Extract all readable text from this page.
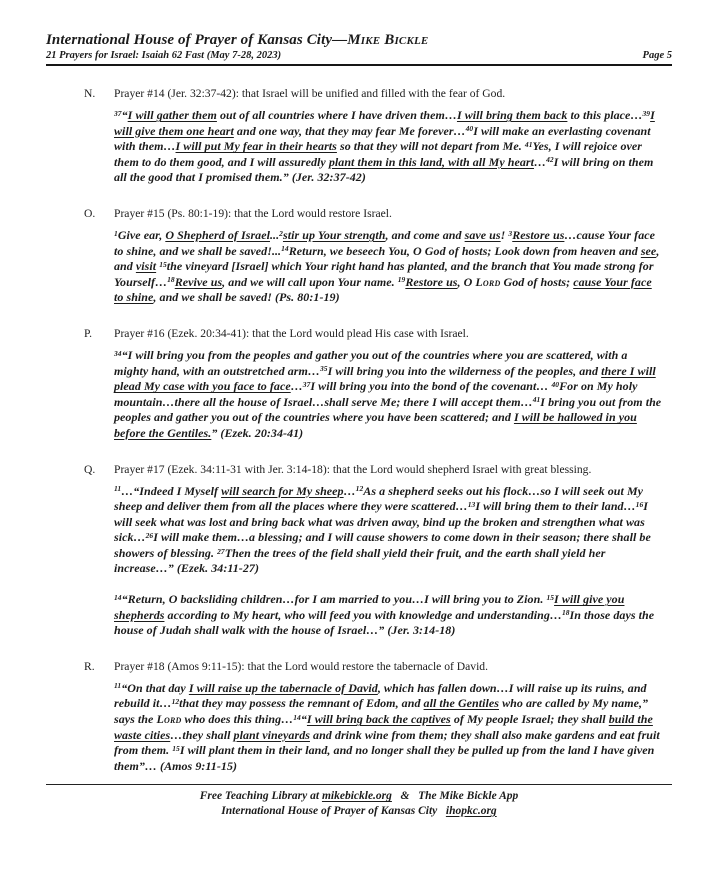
International House of Prayer of Kansas City—Mike Bickle
21 Prayers for Israel: Isaiah 62 Fast (May 7-28, 2023)	Page 5
N.	Prayer #14 (Jer. 32:37-42): that Israel will be unified and filled with the fear of God.

$^{37}$“I will gather them out of all countries where I have driven them…I will bring them back to this place…$^{39}$I will give them one heart and one way, that they may fear Me forever…$^{40}$I will make an everlasting covenant with them…I will put My fear in their hearts so that they will not depart from Me. $^{41}$Yes, I will rejoice over them to do them good, and I will assuredly plant them in this land, with all My heart…$^{42}$I will bring on them all the good that I promised them.” (Jer. 32:37-42)

O.	Prayer #15 (Ps. 80:1-19): that the Lord would restore Israel.

$^1$Give ear, O Shepherd of Israel...$^2$stir up Your strength, and come and save us! $^3$Restore us…cause Your face to shine, and we shall be saved!...$^{14}$Return, we beseech You, O God of hosts; Look down from heaven and see, and visit $^{15}$the vineyard [Israel] which Your right hand has planted, and the branch that You made strong for Yourself…$^{18}$Revive us, and we will call upon Your name. $^{19}$Restore us, O Lord God of hosts; cause Your face to shine, and we shall be saved! (Ps. 80:1-19)

P.	Prayer #16 (Ezek. 20:34-41): that the Lord would plead His case with Israel.

$^{34}$“I will bring you from the peoples and gather you out of the countries where you are scattered, with a mighty hand, with an outstretched arm…$^{35}$I will bring you into the wilderness of the peoples, and there I will plead My case with you face to face…$^{37}$I will bring you into the bond of the covenant… $^{40}$For on My holy mountain…there all the house of Israel…shall serve Me; there I will accept them…$^{41}$I bring you out from the peoples and gather you out of the countries where you have been scattered; and I will be hallowed in you before the Gentiles.” (Ezek. 20:34-41)

Q.	Prayer #17 (Ezek. 34:11-31 with Jer. 3:14-18): that the Lord would shepherd Israel with great blessing.

$^{11}$…“Indeed I Myself will search for My sheep…$^{12}$As a shepherd seeks out his flock…so I will seek out My sheep and deliver them from all the places where they were scattered…$^{13}$I will bring them to their land…$^{16}$I will seek what was lost and bring back what was driven away, bind up the broken and strengthen what was sick…$^{26}$I will make them…a blessing; and I will cause showers to come down in their season; there shall be showers of blessing. $^{27}$Then the trees of the field shall yield their fruit, and the earth shall yield her increase…” (Ezek. 34:11-27)

$^{14}$“Return, O backsliding children…for I am married to you…I will bring you to Zion. $^{15}$I will give you shepherds according to My heart, who will feed you with knowledge and understanding…$^{18}$In those days the house of Judah shall walk with the house of Israel…” (Jer. 3:14-18)

R.	Prayer #18 (Amos 9:11-15): that the Lord would restore the tabernacle of David.

$^{11}$“On that day I will raise up the tabernacle of David, which has fallen down…I will raise up its ruins, and rebuild it…$^{12}$that they may possess the remnant of Edom, and all the Gentiles who are called by My name,” says the Lord who does this thing…$^{14}$“I will bring back the captives of My people Israel; they shall build the waste cities…they shall plant vineyards and drink wine from them; they shall also make gardens and eat fruit from them. $^{15}$I will plant them in their land, and no longer shall they be pulled up from the land I have given them”… (Amos 9:11-15)

Free Teaching Library at mikebickle.org   &   The Mike Bickle App
International House of Prayer of Kansas City   ihopkc.org
